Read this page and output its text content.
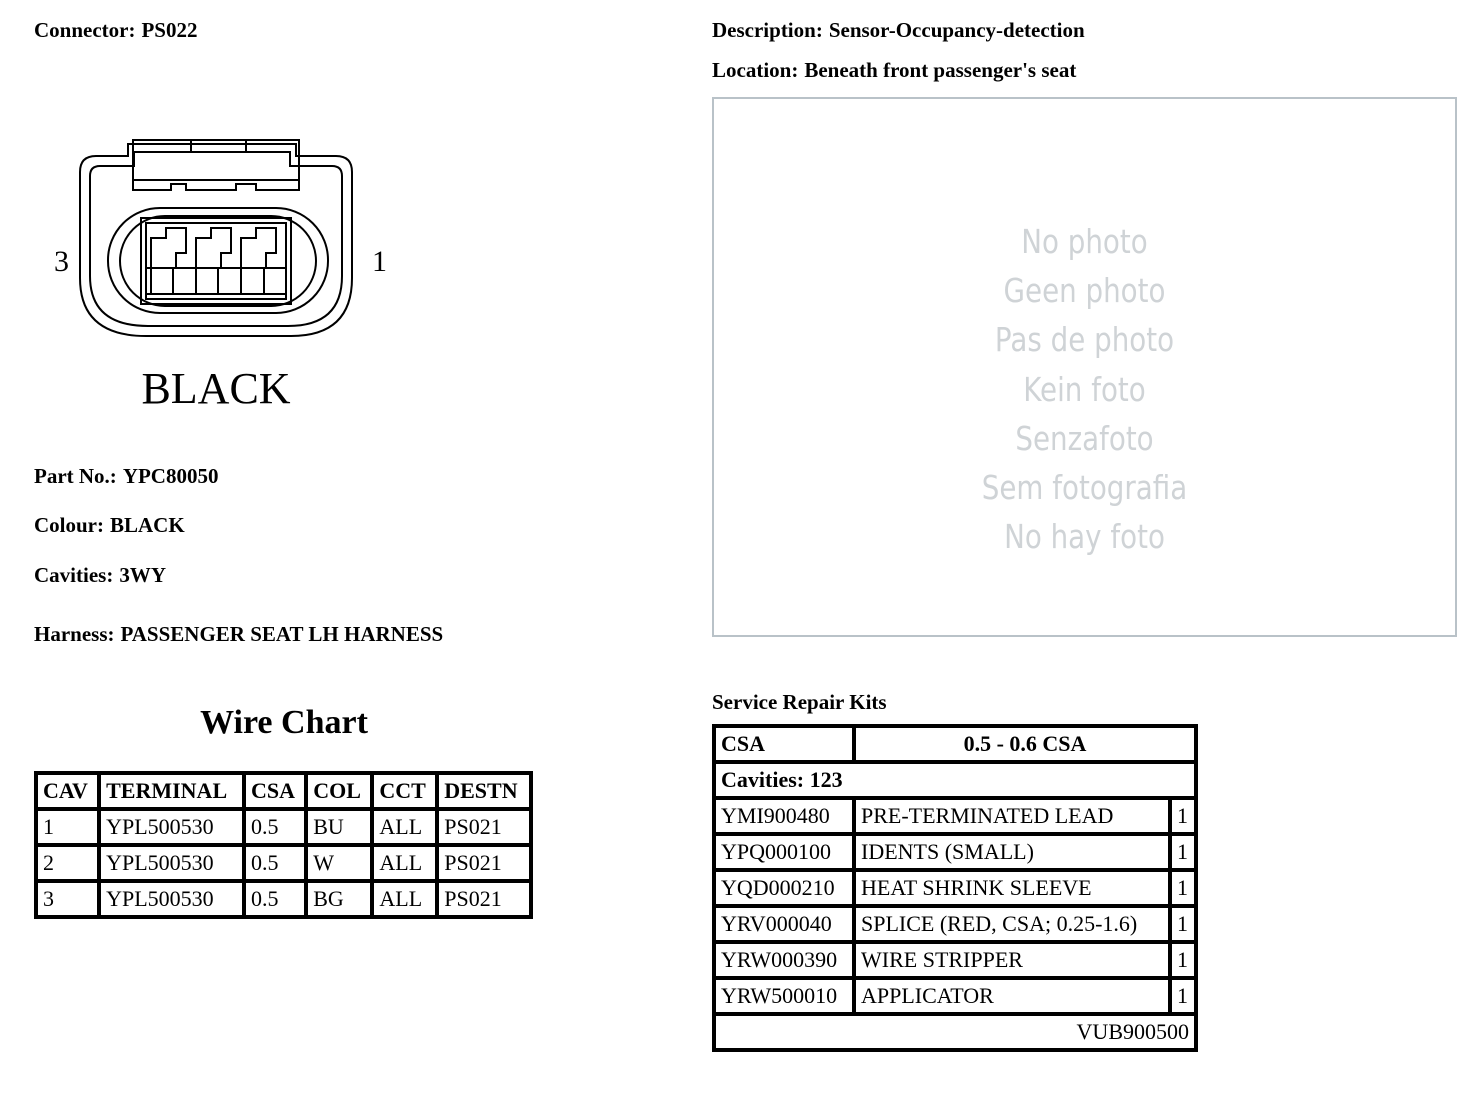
Connector: PS022	Description: Sensor-Occupancy-detection
Location: Beneath front passenger's seat
3	1
BLACK
Part No.: YPC80050
Colour: BLACK
Cavities: 3WY
Harness: PASSENGER SEAT LH HARNESS
No photo
Geen photo
Pas de photo
Kein foto
Senzafoto
Sem fotografia
No hay foto
Wire Chart
CAV	TERMINAL	CSA	COL	CCT	DESTN
1	YPL500530	0.5	BU	ALL	PS021
2	YPL500530	0.5	W	ALL	PS021
3	YPL500530	0.5	BG	ALL	PS021
Service Repair Kits
CSA	0.5 - 0.6 CSA	
Cavities: 123		
YMI900480	PRE-TERMINATED LEAD	1
YPQ000100	IDENTS (SMALL)	1
YQD000210	HEAT SHRINK SLEEVE	1
YRV000040	SPLICE (RED, CSA; 0.25-1.6)	1
YRW000390	WIRE STRIPPER	1
YRW500010	APPLICATOR	1
VUB900500		
